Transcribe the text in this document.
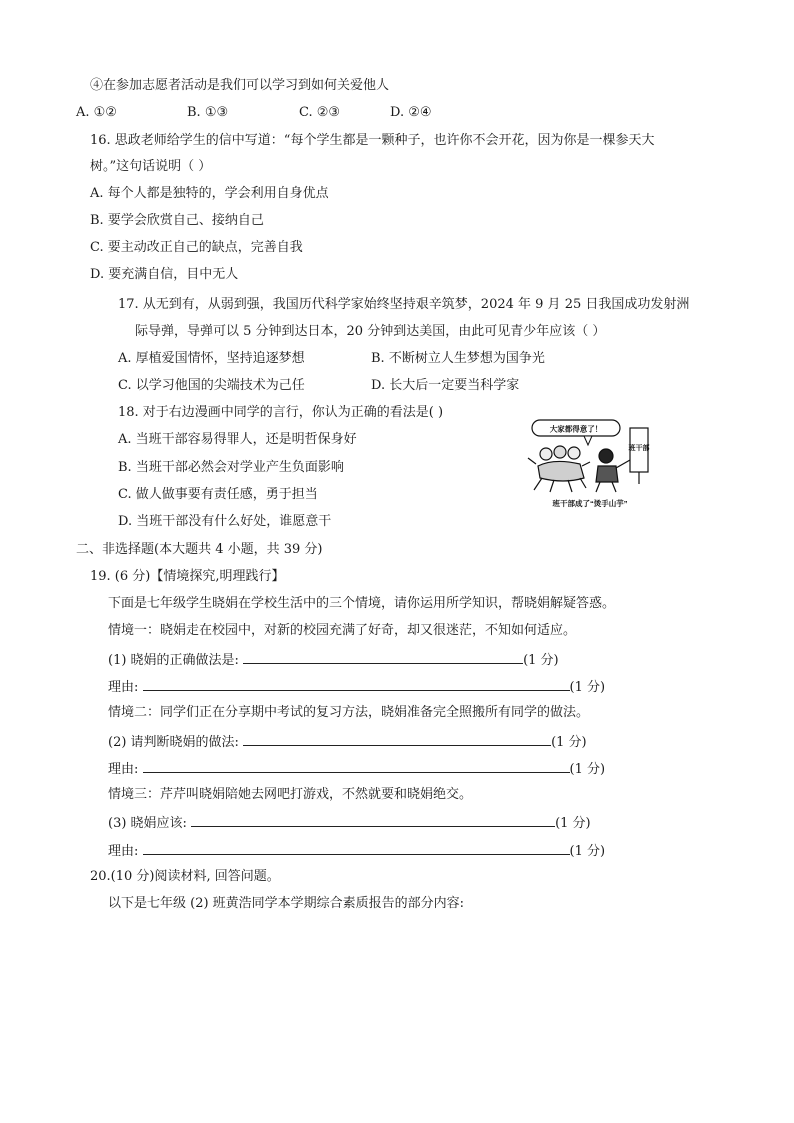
④在参加志愿者活动是我们可以学习到如何关爱他人
A. ①②	B. ①③	C. ②③	D. ②④
16. 思政老师给学生的信中写道：“每个学生都是一颗种子，也许你不会开花，因为你是一棵参天大
树。”这句话说明（ ）
A. 每个人都是独特的，学会利用自身优点
B. 要学会欣赏自己、接纳自己
C. 要主动改正自己的缺点，完善自我
D. 要充满自信，目中无人
17. 从无到有，从弱到强，我国历代科学家始终坚持艰辛筑梦，2024 年 9 月 25 日我国成功发射洲
际导弹，导弹可以 5 分钟到达日本，20 分钟到达美国，由此可见青少年应该（ ）
A. 厚植爱国情怀，坚持追逐梦想	B. 不断树立人生梦想为国争光
C. 以学习他国的尖端技术为己任	D. 长大后一定要当科学家
18. 对于右边漫画中同学的言行，你认为正确的看法是( )
A. 当班干部容易得罪人，还是明哲保身好
B. 当班干部必然会对学业产生负面影响
C. 做人做事要有责任感，勇于担当
D. 当班干部没有什么好处，谁愿意干
大家都得意了！
班干部
班干部成了“烫手山芋”
二、非选择题(本大题共 4 小题，共 39 分)
19. (6 分)【情境探究,明理践行】
下面是七年级学生晓娟在学校生活中的三个情境，请你运用所学知识，帮晓娟解疑答惑。
情境一：晓娟走在校园中，对新的校园充满了好奇，却又很迷茫，不知如何适应。
(1) 晓娟的正确做法是:	(1 分)
理由:	(1 分)
情境二：同学们正在分享期中考试的复习方法，晓娟准备完全照搬所有同学的做法。
(2) 请判断晓娟的做法:	(1 分)
理由:	(1 分)
情境三：芹芹叫晓娟陪她去网吧打游戏，不然就要和晓娟绝交。
(3) 晓娟应该:	(1 分)
理由:	(1 分)
20.(10 分)阅读材料, 回答问题。
以下是七年级 (2) 班黄浩同学本学期综合素质报告的部分内容:
